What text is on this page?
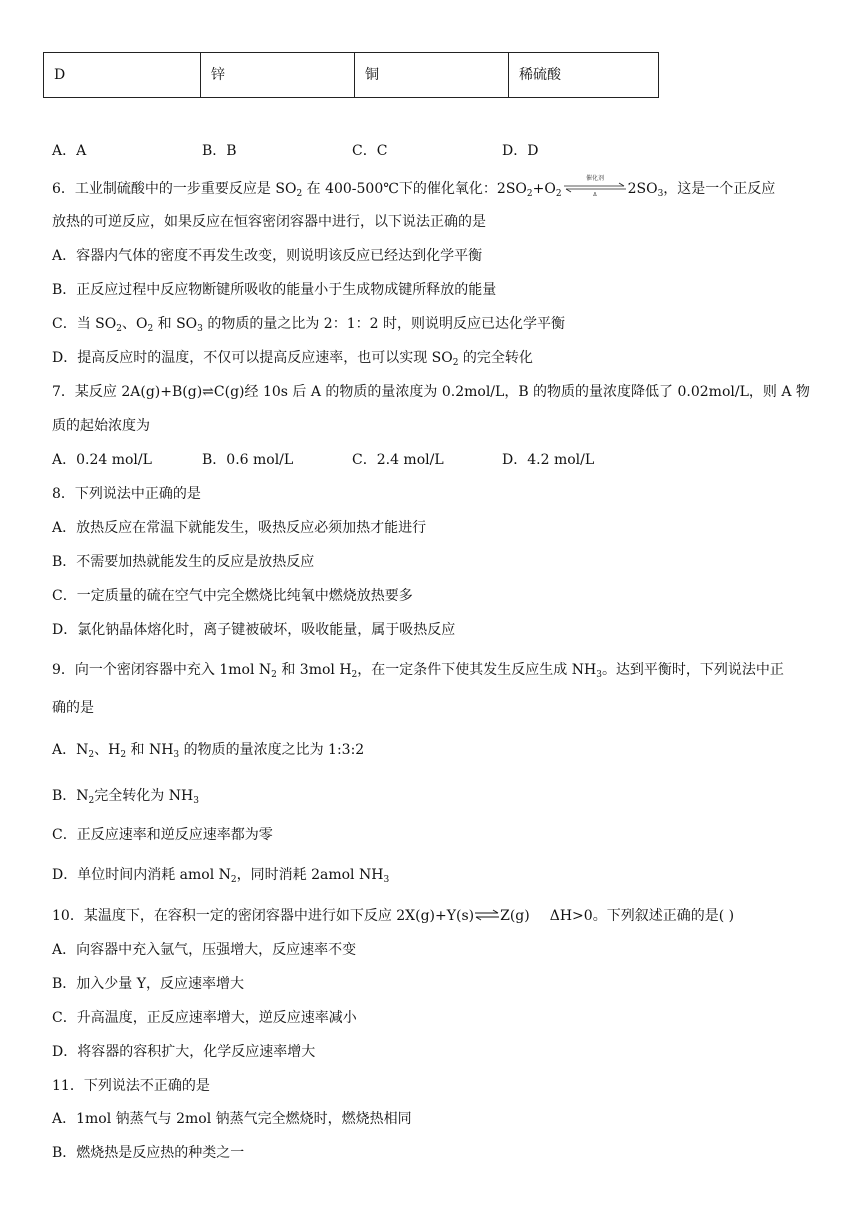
D	锌	铜	稀硫酸
A．A	B．B	C．C	D．D
6．工业制硫酸中的一步重要反应是 $SO_2$ 在 400-500℃下的催化氧化：$2SO_2+O_2$
催化剂
Δ $2SO_3$，这是一个正反应
放热的可逆反应，如果反应在恒容密闭容器中进行，以下说法正确的是
A．容器内气体的密度不再发生改变，则说明该反应已经达到化学平衡
B．正反应过程中反应物断键所吸收的能量小于生成物成键所释放的能量
C．当 $SO_2$、$O_2$ 和 $SO_3$ 的物质的量之比为 2：1：2 时，则说明反应已达化学平衡
D．提高反应时的温度，不仅可以提高反应速率，也可以实现 $SO_2$ 的完全转化
7．某反应 2A(g)+B(g)⇌C(g)经 10s 后 A 的物质的量浓度为 0.2mol/L，B 的物质的量浓度降低了 0.02mol/L，则 A 物
质的起始浓度为
A．0.24 mol/L	B．0.6 mol/L	C．2.4 mol/L	D．4.2 mol/L
8．下列说法中正确的是
A．放热反应在常温下就能发生，吸热反应必须加热才能进行
B．不需要加热就能发生的反应是放热反应
C．一定质量的硫在空气中完全燃烧比纯氧中燃烧放热要多
D．氯化钠晶体熔化时，离子键被破坏，吸收能量，属于吸热反应
9．向一个密闭容器中充入 1mol $N_2$ 和 3mol $H_2$，在一定条件下使其发生反应生成 $NH_3$。达到平衡时，下列说法中正
确的是
A．$N_2$、$H_2$ 和 $NH_3$ 的物质的量浓度之比为 1:3:2
B．$N_2$完全转化为 $NH_3$
C．正反应速率和逆反应速率都为零
D．单位时间内消耗 amol $N_2$，同时消耗 2amol $NH_3$
10．某温度下，在容积一定的密闭容器中进行如下反应 2X(g)+Y(s)⇌Z(g) ΔH>0。下列叙述正确的是( )
A．向容器中充入氩气，压强增大，反应速率不变
B．加入少量 Y，反应速率增大
C．升高温度，正反应速率增大，逆反应速率减小
D．将容器的容积扩大，化学反应速率增大
11．下列说法不正确的是
A．1mol 钠蒸气与 2mol 钠蒸气完全燃烧时，燃烧热相同
B．燃烧热是反应热的种类之一
